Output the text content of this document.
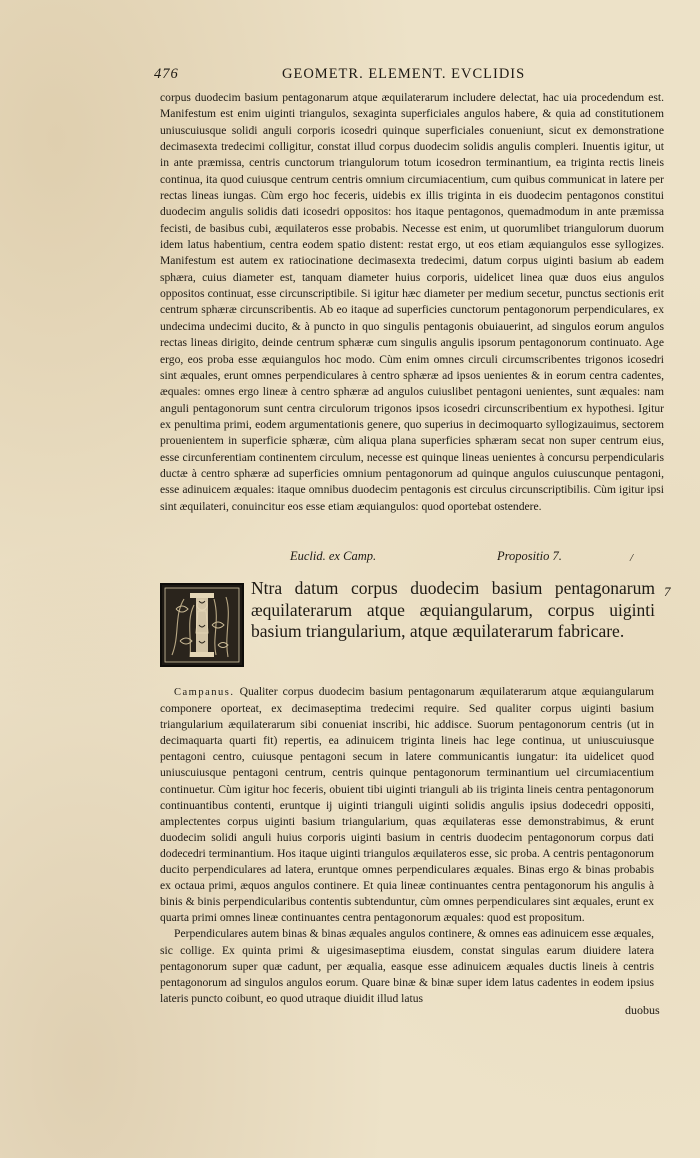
476	GEOMETR. ELEMENT. EVCLIDIS

corpus duodecim basium pentagonarum atque æquilaterarum includere delectat, hac uia procedendum est. Manifestum est enim uiginti triangulos, sexaginta superficiales angulos habere, & quia ad constitutionem uniuscuiusque solidi anguli corporis icosedri quinque superficiales conueniunt, sicut ex demonstratione decimasexta tredecimi colligitur, constat illud corpus duodecim solidis angulis compleri. Inuentis igitur, ut in ante præmissa, centris cunctorum triangulorum totum icosedron terminantium, ea triginta rectis lineis continua, ita quod cuiusque centrum centris omnium circumiacentium, cum quibus communicat in latere per rectas lineas iungas. Cùm ergo hoc feceris, uidebis ex illis triginta in eis duodecim pentagonos constitui duodecim angulis solidis dati icosedri oppositos: hos itaque pentagonos, quemadmodum in ante præmissa fecisti, de basibus cubi, æquilateros esse probabis. Necesse est enim, ut quorumlibet triangulorum duorum idem latus habentium, centra eodem spatio distent: restat ergo, ut eos etiam æquiangulos esse syllogizes. Manifestum est autem ex ratiocinatione decimasexta tredecimi, datum corpus uiginti basium ab eadem sphæra, cuius diameter est, tanquam diameter huius corporis, uidelicet linea quæ duos eius angulos oppositos continuat, esse circunscriptibile. Si igitur hæc diameter per medium secetur, punctus sectionis erit centrum sphæræ circunscribentis. Ab eo itaque ad superficies cunctorum pentagonorum perpendiculares, ex undecima undecimi ducito, & à puncto in quo singulis pentagonis obuiauerint, ad singulos eorum angulos rectas lineas dirigito, deinde centrum sphæræ cum singulis angulis ipsorum pentagonorum continuato. Age ergo, eos proba esse æquiangulos hoc modo. Cùm enim omnes circuli circumscribentes trigonos icosedri sint æquales, erunt omnes perpendiculares à centro sphæræ ad ipsos uenientes & in eorum centra cadentes, æquales: omnes ergo lineæ à centro sphæræ ad angulos cuiuslibet pentagoni uenientes, sunt æquales: nam anguli pentagonorum sunt centra circulorum trigonos ipsos icosedri circunscribentium ex hypothesi. Igitur ex penultima primi, eodem argumentationis genere, quo superius in decimoquarto syllogizauimus, sectorem prouenientem in superficie sphæræ, cùm aliqua plana superficies sphæram secat non super centrum eius, esse circunferentiam continentem circulum, necesse est quinque lineas uenientes à concursu perpendicularis ductæ à centro sphæræ ad superficies omnium pentagonorum ad quinque angulos cuiuscunque pentagoni, esse adinuicem æquales: itaque omnibus duodecim pentagonis est circulus circunscriptibilis. Cùm igitur ipsi sint æquilateri, conuincitur eos esse etiam æquiangulos: quod oportebat ostendere.

Euclid. ex Camp.	Propositio 7.	/

Ntra datum corpus duodecim basium pentagonarum æquilaterarum atque æquiangularum, corpus uiginti basium triangularium, atque æquilaterarum fabricare.

7

Campanus. Qualiter corpus duodecim basium pentagonarum æquilaterarum atque æquiangularum componere oporteat, ex decimaseptima tredecimi require. Sed qualiter corpus uiginti basium triangularium æquilaterarum sibi conueniat inscribi, hic addisce. Suorum pentagonorum centris (ut in decimaquarta quarti fit) repertis, ea adinuicem triginta lineis hac lege continua, ut uniuscuiusque pentagoni centro, cuiusque pentagoni secum in latere communicantis iungatur: ita uidelicet quod uniuscuiusque pentagoni centrum, centris quinque pentagonorum terminantium uel circumiacentium continuetur. Cùm igitur hoc feceris, obuient tibi uiginti trianguli ab iis triginta lineis centra pentagonorum continuantibus contenti, eruntque ij uiginti trianguli uiginti solidis angulis ipsius dodecedri oppositi, amplectentes corpus uiginti basium triangularium, quas æquilateras esse demonstrabimus, & erunt duodecim solidi anguli huius corporis uiginti basium in centris duodecim pentagonorum corpus dati dodecedri terminantium. Hos itaque uiginti triangulos æquilateros esse, sic proba. A centris pentagonorum ducito perpendiculares ad latera, eruntque omnes perpendiculares æquales. Binas ergo & binas probabis ex octaua primi, æquos angulos continere. Et quia lineæ continuantes centra pentagonorum his angulis à binis & binis perpendicularibus contentis subtenduntur, cùm omnes perpendiculares sint æquales, erunt ex quarta primi omnes lineæ continuantes centra pentagonorum æquales: quod est propositum.

Perpendiculares autem binas & binas æquales angulos continere, & omnes eas adinuicem esse æquales, sic collige. Ex quinta primi & uigesimaseptima eiusdem, constat singulas earum diuidere latera pentagonorum super quæ cadunt, per æqualia, easque esse adinuicem æquales ductis lineis à centris pentagonorum ad singulos angulos eorum. Quare binæ & binæ super idem latus cadentes in eodem ipsius lateris puncto coibunt, eo quod utraque diuidit illud latus

duobus
